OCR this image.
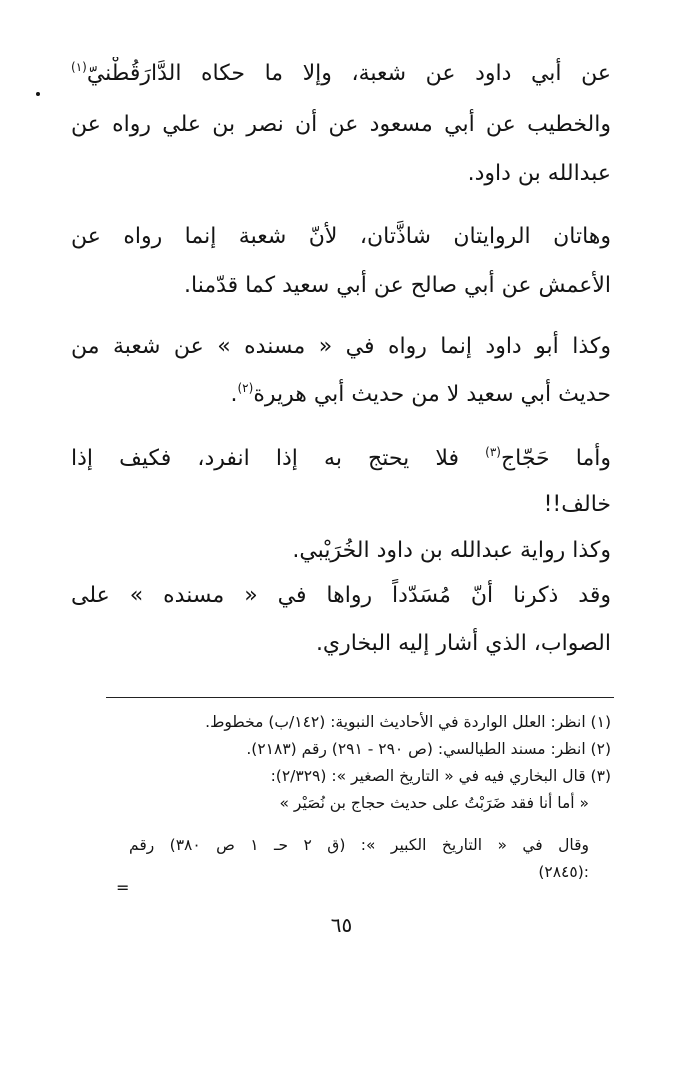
عن أبي داود عن شعبة، وإلا ما حكاه الدَّارَقُطْنيّ$^{(١)}$
والخطيب عن أبي مسعود عن أن نصر بن علي رواه عن
عبدالله بن داود.
وهاتان الروايتان شاذَّتان، لأنّ شعبة إنما رواه عن
الأعمش عن أبي صالح عن أبي سعيد كما قدّمنا.
وكذا أبو داود إنما رواه في « مسنده » عن شعبة من
حديث أبي سعيد لا من حديث أبي هريرة$^{(٢)}$.
وأما حَجّاج$^{(٣)}$ فلا يحتج به إذا انفرد، فكيف إذا
خالف!!
وكذا رواية عبدالله بن داود الخُرَيْبي.
وقد ذكرنا أنّ مُسَدّداً رواها في « مسنده » على
الصواب، الذي أشار إليه البخاري.
(١) انظر: العلل الواردة في الأحاديث النبوية: (١٤٢/ب) مخطوط.
(٢) انظر: مسند الطيالسي: (ص ٢٩٠ - ٢٩١) رقم (٢١٨٣).
(٣) قال البخاري فيه في « التاريخ الصغير »: (٢/٣٢٩):
« أما أنا فقد ضَرَبْتُ على حديث حجاج بن نُصَيْر »
وقال في « التاريخ الكبير »: (ق ٢ حـ ١ ص ٣٨٠) رقم
:(٢٨٤٥)
=
٦٥
